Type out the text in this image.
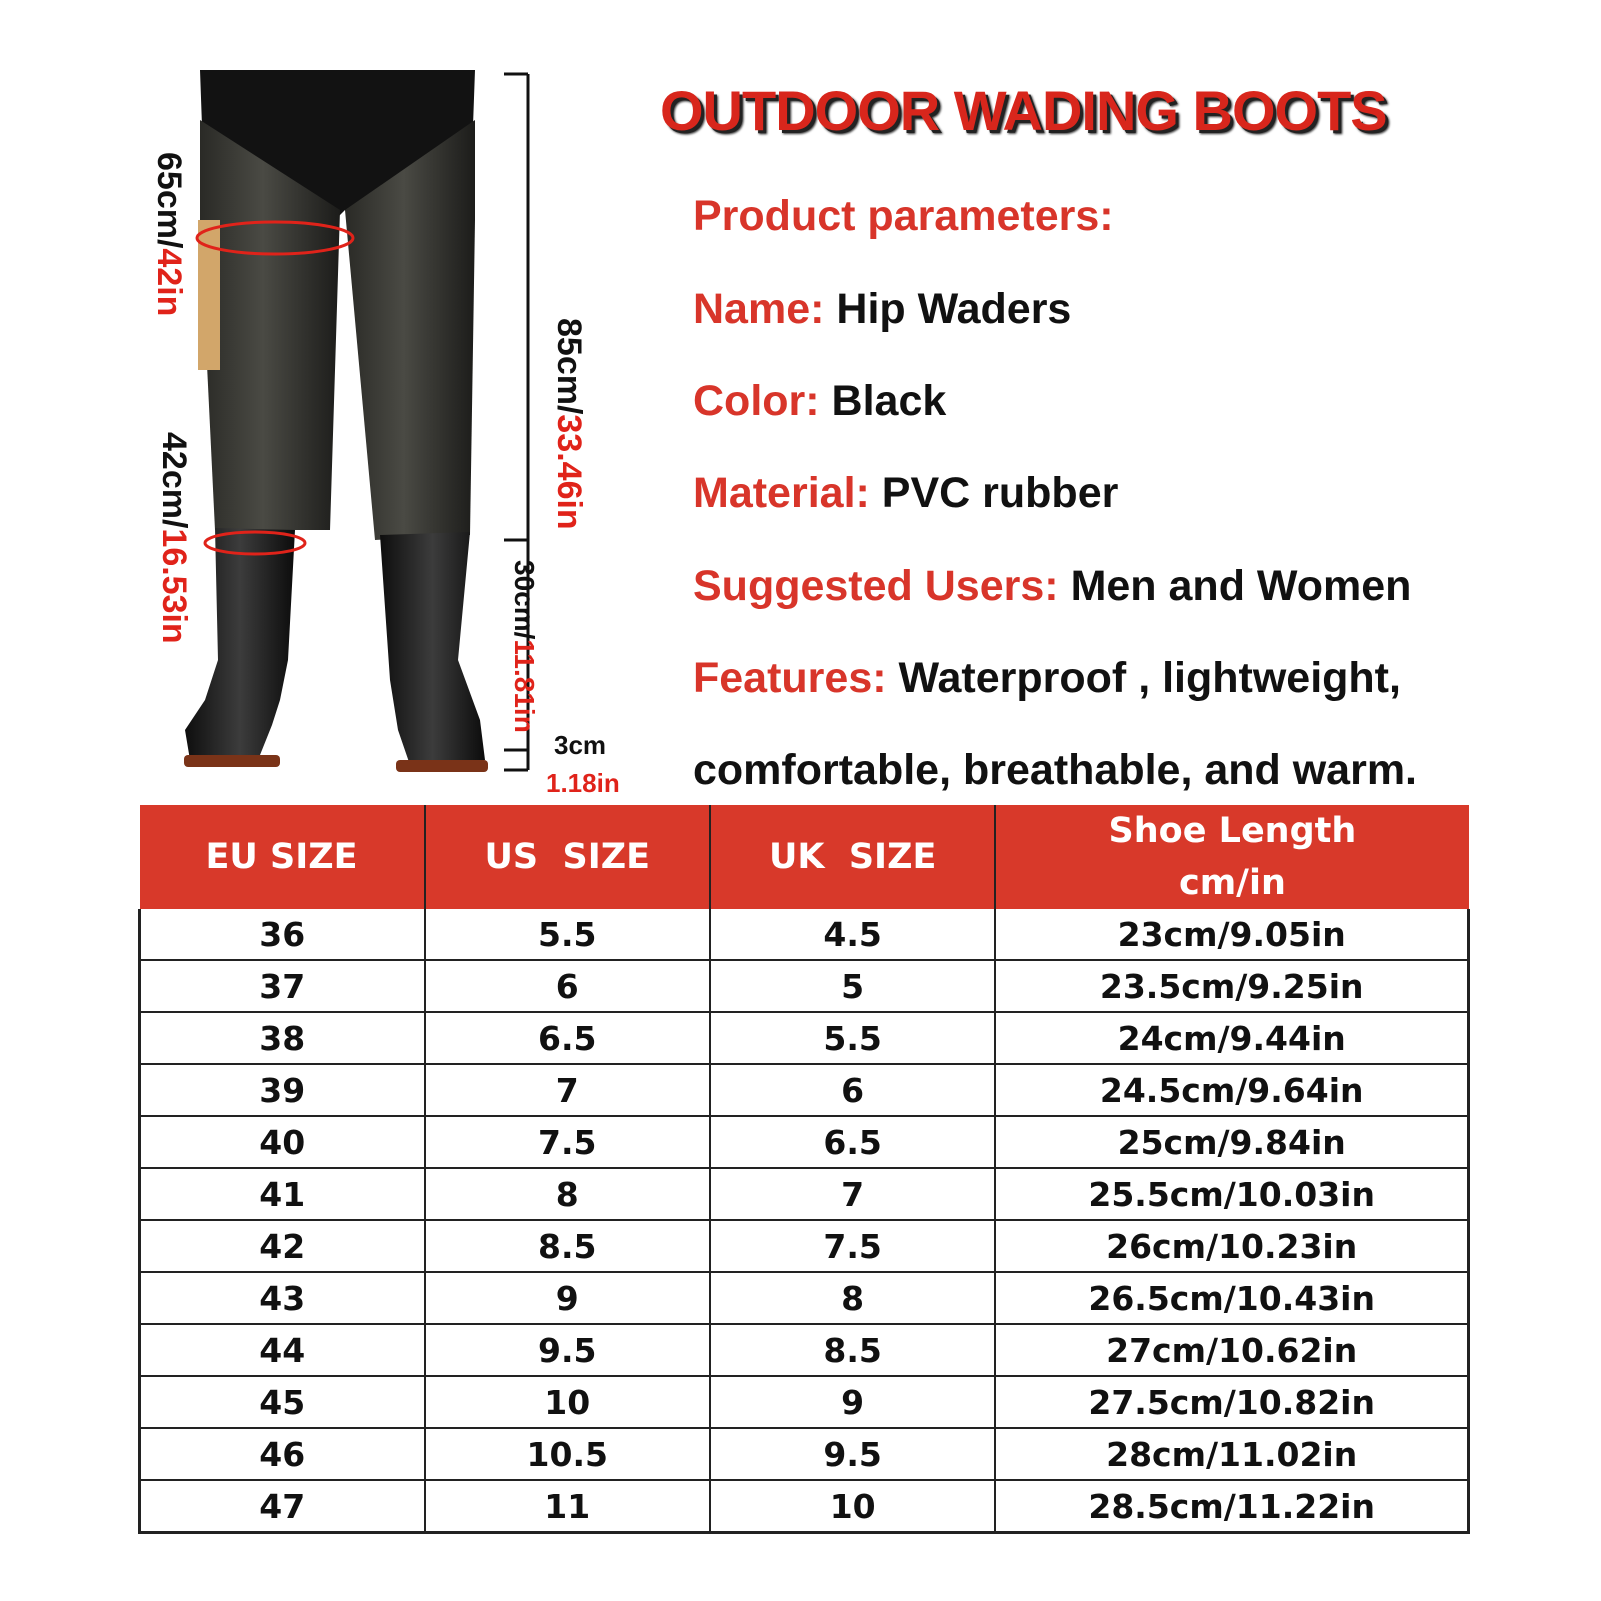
65cm/42in
42cm/16.53in
85cm/33.46in
30cm/11.81in
3cm
1.18in
OUTDOOR WADING BOOTS
Product parameters:
Name: Hip Waders
Color: Black
Material: PVC rubber
Suggested Users: Men and Women
Features: Waterproof , lightweight,
comfortable, breathable, and warm.
EU SIZE	US  SIZE	UK  SIZE	Shoe Length
cm/in

36	5.5	4.5	23cm/9.05in
37	6	5	23.5cm/9.25in
38	6.5	5.5	24cm/9.44in
39	7	6	24.5cm/9.64in
40	7.5	6.5	25cm/9.84in
41	8	7	25.5cm/10.03in
42	8.5	7.5	26cm/10.23in
43	9	8	26.5cm/10.43in
44	9.5	8.5	27cm/10.62in
45	10	9	27.5cm/10.82in
46	10.5	9.5	28cm/11.02in
47	11	10	28.5cm/11.22in
